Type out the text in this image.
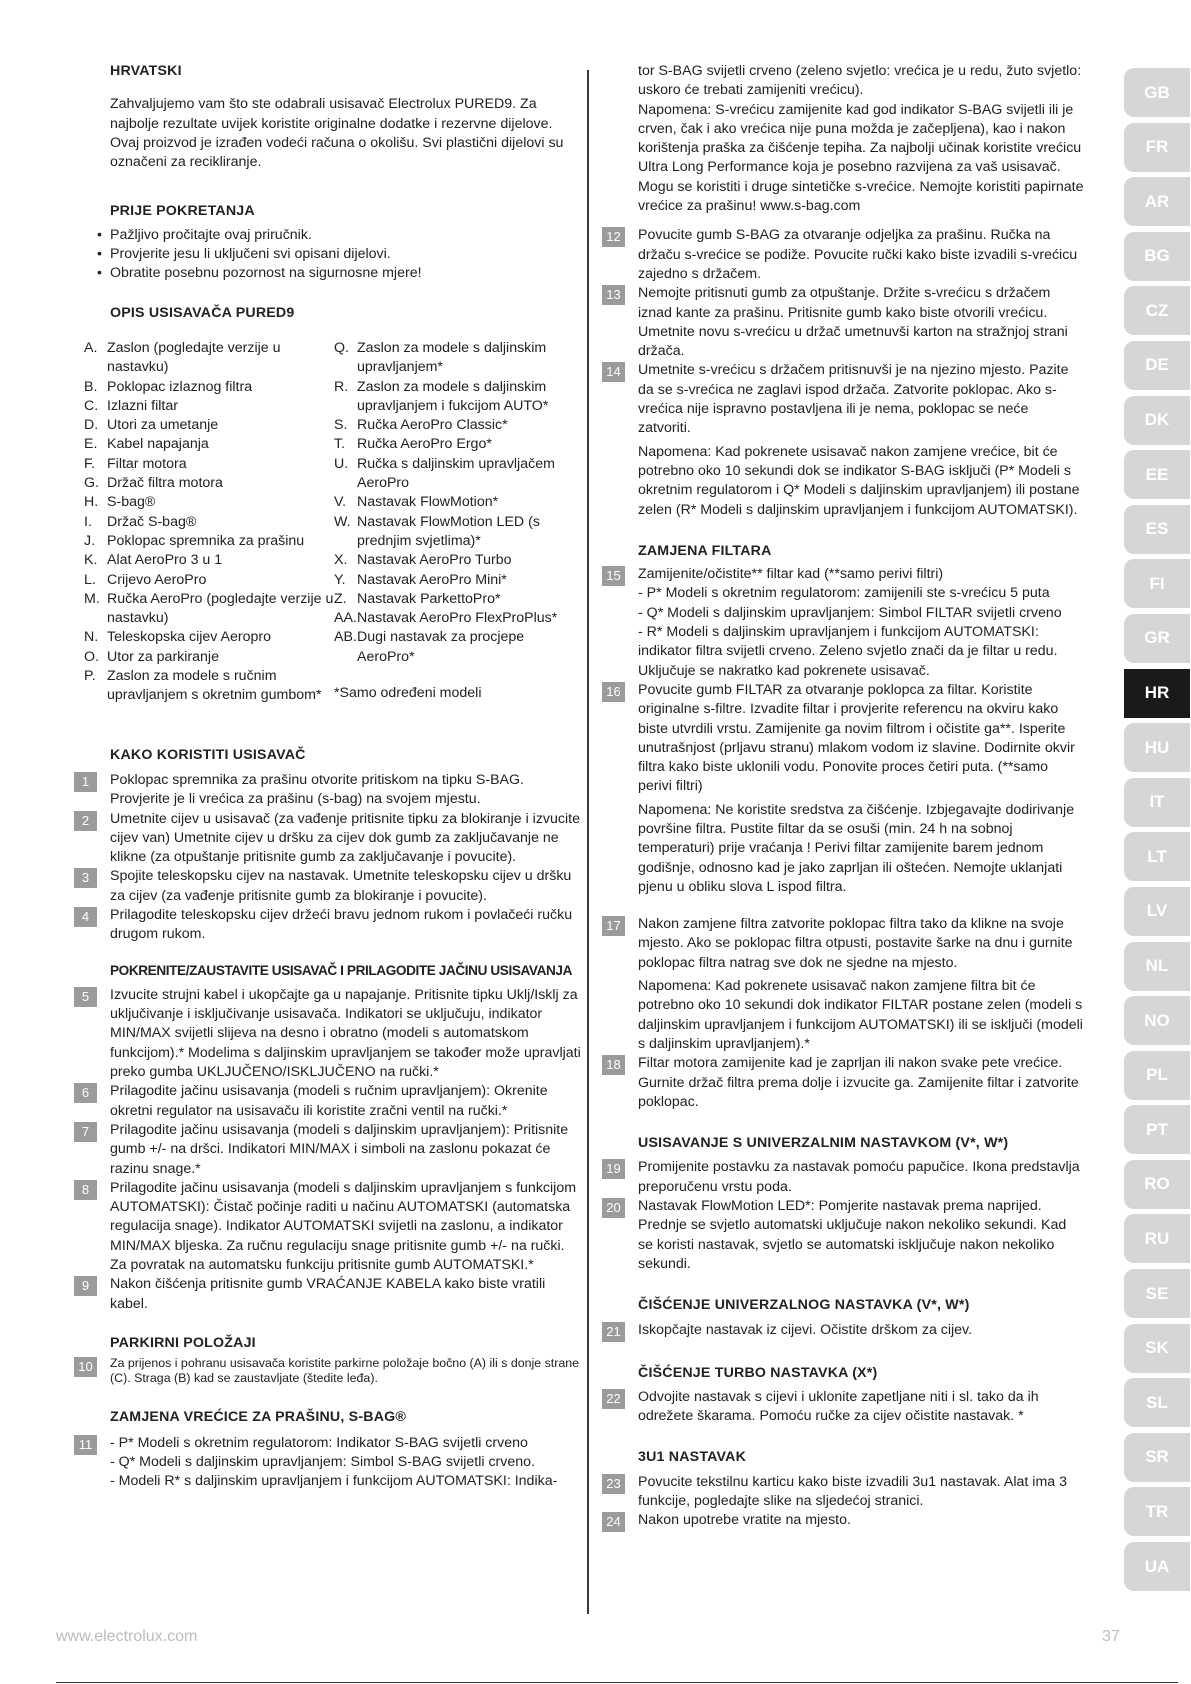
HRVATSKI
Zahvaljujemo vam što ste odabrali usisavač Electrolux PURED9. Za najbolje rezultate uvijek koristite originalne dodatke i rezervne dijelove. Ovaj proizvod je izrađen vodeći računa o okolišu. Svi plastični dijelovi su označeni za recikliranje.
PRIJE POKRETANJA
• Pažljivo pročitajte ovaj priručnik.
• Provjerite jesu li uključeni svi opisani dijelovi.
• Obratite posebnu pozornost na sigurnosne mjere!
OPIS USISAVAČA PURED9
A. Zaslon (pogledajte verzije u nastavku)
B. Poklopac izlaznog filtra
C. Izlazni filtar
D. Utori za umetanje
E. Kabel napajanja
F. Filtar motora
G. Držač filtra motora
H. S-bag®
I.	Držač S-bag®
J. Poklopac spremnika za prašinu
K. Alat AeroPro 3 u 1
L. Crijevo AeroPro
M. Ručka AeroPro (pogledajte verzije u nastavku)
N. Teleskopska cijev Aeropro
O. Utor za parkiranje
P. Zaslon za modele s ručnim upravljanjem s okretnim gumbom*
Q. Zaslon za modele s daljinskim upravljanjem*
R. Zaslon za modele s daljinskim upravljanjem i fukcijom AUTO*
S. Ručka AeroPro Classic*
T. Ručka AeroPro Ergo*
U. Ručka s daljinskim upravljačem AeroPro
V. Nastavak FlowMotion*
W. Nastavak FlowMotion LED (s prednjim svjetlima)*
X. Nastavak AeroPro Turbo
Y. Nastavak AeroPro Mini*
Z. Nastavak ParkettoPro*
AA. Nastavak AeroPro FlexProPlus*
AB. Dugi nastavak za procjepe AeroPro*
*Samo određeni modeli
KAKO KORISTITI USISAVAČ
1	Poklopac spremnika za prašinu otvorite pritiskom na tipku S-BAG. Provjerite je li vrećica za prašinu (s-bag) na svojem mjestu.
2	Umetnite cijev u usisavač (za vađenje pritisnite tipku za blokiranje i izvucite cijev van) Umetnite cijev u dršku za cijev dok gumb za zaklјučavanje ne klikne (za otpuštanje pritisnite gumb za zaključavanje i povucite).
3	Spojite teleskopsku cijev na nastavak. Umetnite teleskopsku cijev u dršku za cijev (za vađenje pritisnite gumb za blokiranje i povucite).
4	Prilagodite teleskopsku cijev držeći bravu jednom rukom i povlačeći ručku drugom rukom.
POKRENITE/ZAUSTAVITE USISAVAČ I PRILAGODITE JAČINU USISAVANJA
5	Izvucite strujni kabel i ukopčajte ga u napajanje. Pritisnite tipku Uklj/Isklj za uključivanje i isključivanje usisavača. Indikatori se uključuju, indikator MIN/MAX svijetli slijeva na desno i obratno (modeli s automatskom funkcijom).* Modelima s daljinskim upravljanjem se također može upravljati preko gumba UKLJUČENO/ISKLJUČENO na ručki.*
6	Prilagodite jačinu usisavanja (modeli s ručnim upravljanjem): Okrenite okretni regulator na usisavaču ili koristite zračni ventil na ručki.*
7	Prilagodite jačinu usisavanja (modeli s daljinskim upravljanjem): Pritisnite gumb +/- na dršci. Indikatori MIN/MAX i simboli na zaslonu pokazat će razinu snage.*
8	Prilagodite jačinu usisavanja (modeli s daljinskim upravljanjem s funkcijom AUTOMATSKI): Čistač počinje raditi u načinu AUTOMATSKI (automatska regulacija snage). Indikator AUTOMATSKI svijetli na zaslonu, a indikator MIN/MAX bljeska. Za ručnu regulaciju snage pritisnite gumb +/- na ručki. Za povratak na automatsku funkciju pritisnite gumb AUTOMATSKI.*
9	Nakon čišćenja pritisnite gumb VRAĆANJE KABELA kako biste vratili kabel.
PARKIRNI POLOŽAJI
10	Za prijenos i pohranu usisavača koristite parkirne položaje bočno (A) ili s donje strane (C). Straga (B) kad se zaustavljate (štedite leđa).
ZAMJENA VREĆICE ZA PRAŠINU, S-BAG®
11	- P* Modeli s okretnim regulatorom: Indikator S-BAG svijetli crveno
- Q* Modeli s daljinskim upravljanjem: Simbol S-BAG svijetli crveno.
- Modeli R* s daljinskim upravljanjem i funkcijom AUTOMATSKI: Indika-
tor S-BAG svijetli crveno (zeleno svjetlo: vrećica je u redu, žuto svjetlo: uskoro će trebati zamijeniti vrećicu).
Napomena: S-vrećicu zamijenite kad god indikator S-BAG svijetli ili je crven, čak i ako vrećica nije puna možda je začepljena), kao i nakon korištenja praška za čišćenje tepiha. Za najbolji učinak koristite vrećicu Ultra Long Performance koja je posebno razvijena za vaš usisavač. Mogu se koristiti i druge sintetičke s-vrećice. Nemojte koristiti papirnate vrećice za prašinu! www.s-bag.com
12	Povucite gumb S-BAG za otvaranje odjeljka za prašinu. Ručka na držaču s-vrećice se podiže. Povucite ručki kako biste izvadili s-vrećicu zajedno s držačem.
13	Nemojte pritisnuti gumb za otpuštanje. Držite s-vrećicu s držačem iznad kante za prašinu. Pritisnite gumb kako biste otvorili vrećicu. Umetnite novu s-vrećicu u držač umetnuvši karton na stražnjoj strani držača.
14	Umetnite s-vrećicu s držačem pritisnuvši je na njezino mjesto. Pazite da se s-vrećica ne zaglavi ispod držača. Zatvorite poklopac. Ako s-vrećica nije ispravno postavljena ili je nema, poklopac se neće zatvoriti.
Napomena: Kad pokrenete usisavač nakon zamjene vrećice, bit će potrebno oko 10 sekundi dok se indikator S-BAG isključi (P* Modeli s okretnim regulatorom i Q* Modeli s daljinskim upravljanjem) ili postane zelen (R* Modeli s daljinskim upravljanjem i funkcijom AUTOMATSKI).
ZAMJENA FILTARA
15	Zamijenite/očistite** filtar kad (**samo perivi filtri)
- P* Modeli s okretnim regulatorom: zamijenili ste s-vrećicu 5 puta
- Q* Modeli s daljinskim upravljanjem: Simbol FILTAR svijetli crveno
- R* Modeli s daljinskim upravljanjem i funkcijom AUTOMATSKI: indikator filtra svijetli crveno. Zeleno svjetlo znači da je filtar u redu. Uključuje se nakratko kad pokrenete usisavač.
16	Povucite gumb FILTAR za otvaranje poklopca za filtar. Koristite originalne s-filtre. Izvadite filtar i provjerite referencu na okviru kako biste utvrdili vrstu. Zamijenite ga novim filtrom i očistite ga**. Isperite unutrašnjost (prljavu stranu) mlakom vodom iz slavine. Dodirnite okvir filtra kako biste uklonili vodu. Ponovite proces četiri puta. (**samo perivi filtri)
Napomena: Ne koristite sredstva za čišćenje. Izbjegavajte dodirivanje površine filtra. Pustite filtar da se osuši (min. 24 h na sobnoj temperaturi) prije vraćanja ! Perivi filtar zamijenite barem jednom godišnje, odnosno kad je jako zaprljan ili oštećen. Nemojte uklanjati pjenu u obliku slova L ispod filtra.
17	Nakon zamjene filtra zatvorite poklopac filtra tako da klikne na svoje mjesto. Ako se poklopac filtra otpusti, postavite šarke na dnu i gurnite poklopac filtra natrag sve dok ne sjedne na mjesto.
Napomena: Kad pokrenete usisavač nakon zamjene filtra bit će potrebno oko 10 sekundi dok indikator FILTAR postane zelen (modeli s daljinskim upravljanjem i funkcijom AUTOMATSKI) ili se isključi (modeli s daljinskim upravljanjem).*
18	Filtar motora zamijenite kad je zaprljan ili nakon svake pete vrećice. Gurnite držač filtra prema dolje i izvucite ga. Zamijenite filtar i zatvorite poklopac.
USISAVANJE S UNIVERZALNIM NASTAVKOM (V*, W*)
19	Promijenite postavku za nastavak pomoću papučice. Ikona predstavlja preporučenu vrstu poda.
20	Nastavak FlowMotion LED*: Pomjerite nastavak prema naprijed. Prednje se svjetlo automatski uključuje nakon nekoliko sekundi. Kad se koristi nastavak, svjetlo se automatski isključuje nakon nekoliko sekundi.
ČIŠĆENJE UNIVERZALNOG NASTAVKA (V*, W*)
21	Iskopčajte nastavak iz cijevi. Očistite drškom za cijev.
ČIŠĆENJE TURBO NASTAVKA (X*)
22	Odvojite nastavak s cijevi i uklonite zapetljane niti i sl. tako da ih odrežete škarama. Pomoću ručke za cijev očistite nastavak. *
3U1 NASTAVAK
23	Povucite tekstilnu karticu kako biste izvadili 3u1 nastavak. Alat ima 3 funkcije, pogledajte slike na sljedećoj stranici.
24	Nakon upotrebe vratite na mjesto.
GB
FR
AR
BG
CZ
DE
DK
EE
ES
FI
GR
HR
HU
IT
LT
LV
NL
NO
PL
PT
RO
RU
SE
SK
SL
SR
TR
UA
www.electrolux.com	37
